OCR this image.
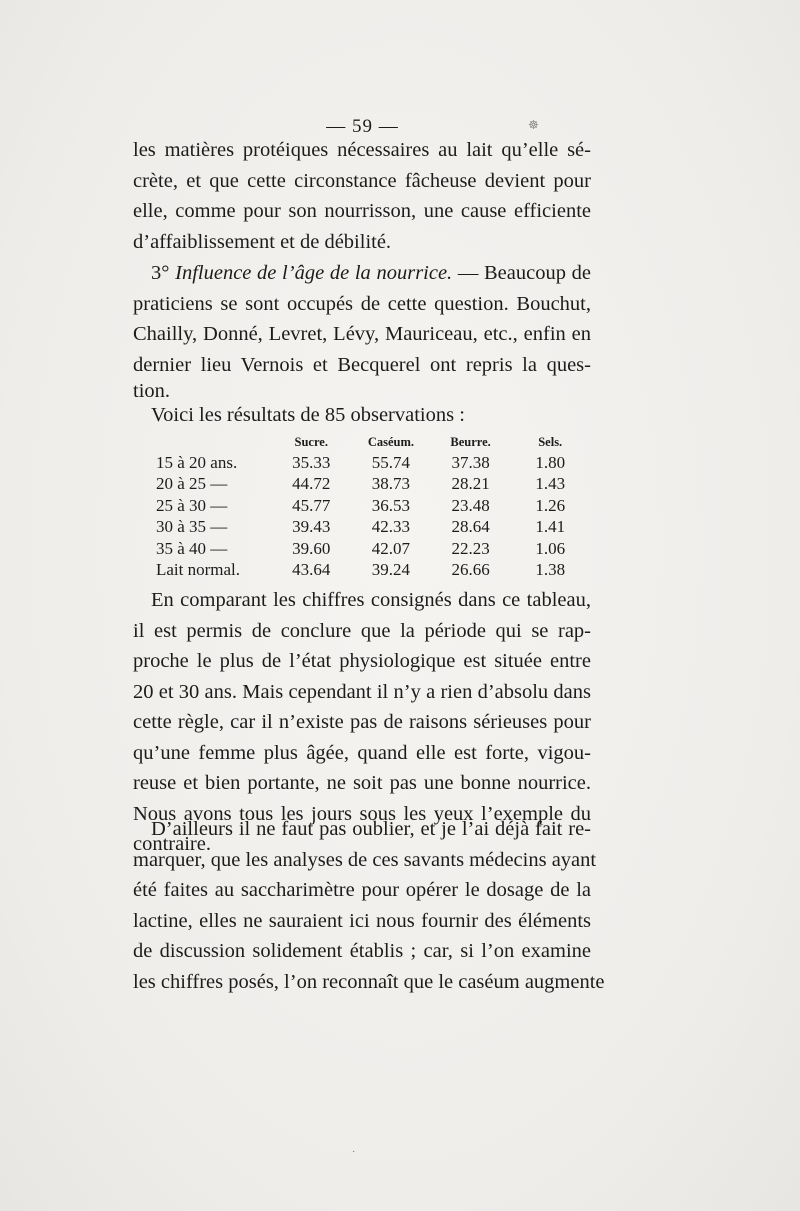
— 59 —	☸
les matières protéiques nécessaires au lait qu’elle sé-
crète, et que cette circonstance fâcheuse devient pour
elle, comme pour son nourrisson, une cause efficiente
d’affaiblissement et de débilité.
3° Influence de l’âge de la nourrice. — Beaucoup de
praticiens se sont occupés de cette question. Bouchut,
Chailly, Donné, Levret, Lévy, Mauriceau, etc., enfin en
dernier lieu Vernois et Becquerel ont repris la ques-
tion.
Voici les résultats de 85 observations :
	Sucre.	Caséum.	Beurre.	Sels.
15 à 20 ans.	35.33	55.74	37.38	1.80
20 à 25 —	44.72	38.73	28.21	1.43
25 à 30 —	45.77	36.53	23.48	1.26
30 à 35 —	39.43	42.33	28.64	1.41
35 à 40 —	39.60	42.07	22.23	1.06
Lait normal.	43.64	39.24	26.66	1.38
En comparant les chiffres consignés dans ce tableau,
il est permis de conclure que la période qui se rap-
proche le plus de l’état physiologique est située entre
20 et 30 ans. Mais cependant il n’y a rien d’absolu dans
cette règle, car il n’existe pas de raisons sérieuses pour
qu’une femme plus âgée, quand elle est forte, vigou-
reuse et bien portante, ne soit pas une bonne nourrice.
Nous avons tous les jours sous les yeux l’exemple du
contraire.
D’ailleurs il ne faut pas oublier, et je l’ai déjà fait re-
marquer, que les analyses de ces savants médecins ayant
été faites au saccharimètre pour opérer le dosage de la
lactine, elles ne sauraient ici nous fournir des éléments
de discussion solidement établis ; car, si l’on examine
les chiffres posés, l’on reconnaît que le caséum augmente
·
